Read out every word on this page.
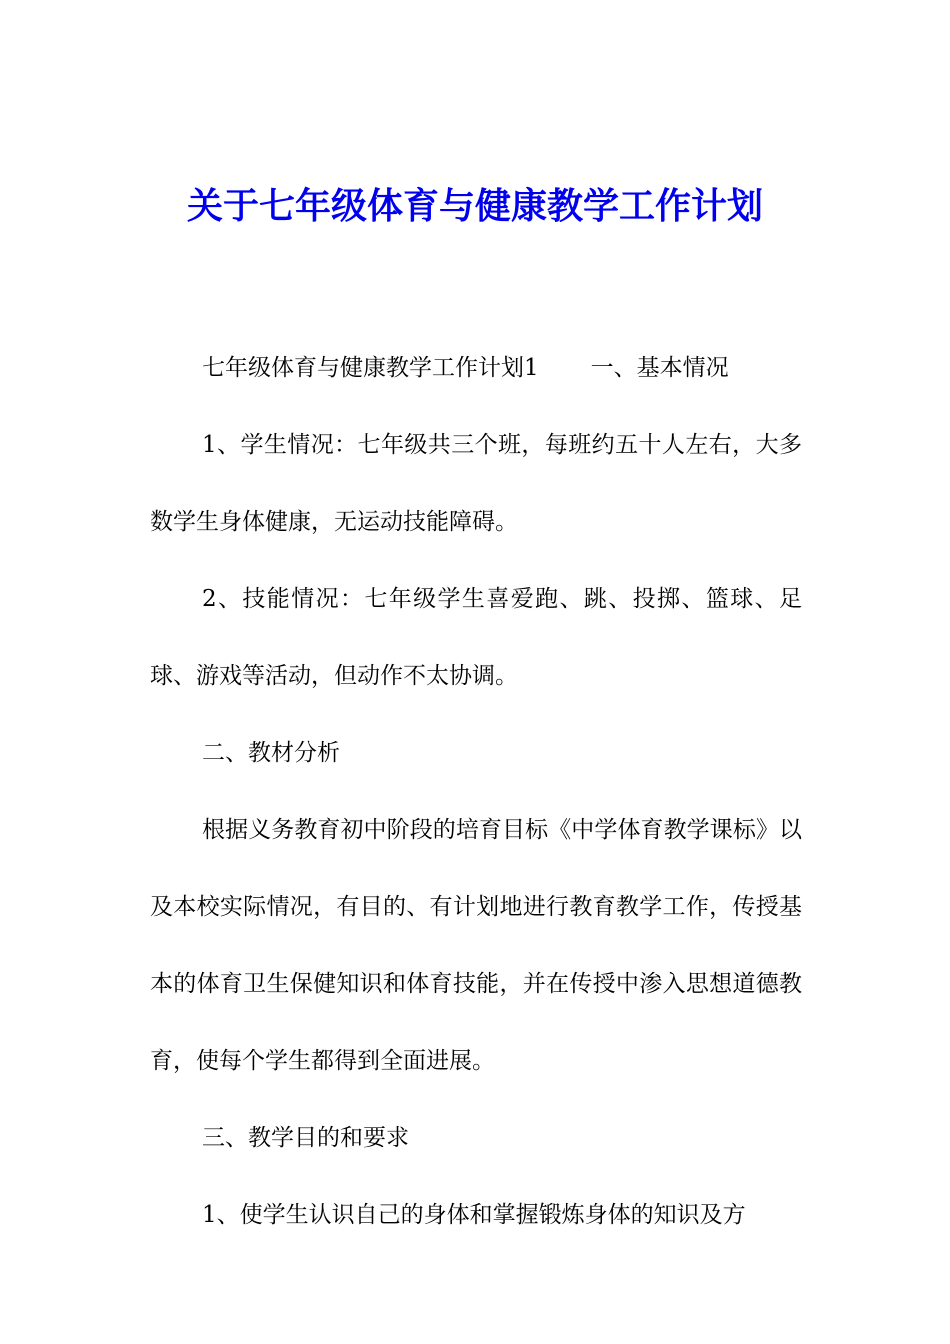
关于七年级体育与健康教学工作计划

七年级体育与健康教学工作计划1 一、基本情况

1、学生情况：七年级共三个班，每班约五十人左右，大多数学生身体健康，无运动技能障碍。

2、技能情况：七年级学生喜爱跑、跳、投掷、篮球、足球、游戏等活动，但动作不太协调。

二、教材分析

根据义务教育初中阶段的培育目标《中学体育教学课标》以及本校实际情况，有目的、有计划地进行教育教学工作，传授基本的体育卫生保健知识和体育技能，并在传授中渗入思想道德教育，使每个学生都得到全面进展。

三、教学目的和要求

1、使学生认识自己的身体和掌握锻炼身体的知识及方
